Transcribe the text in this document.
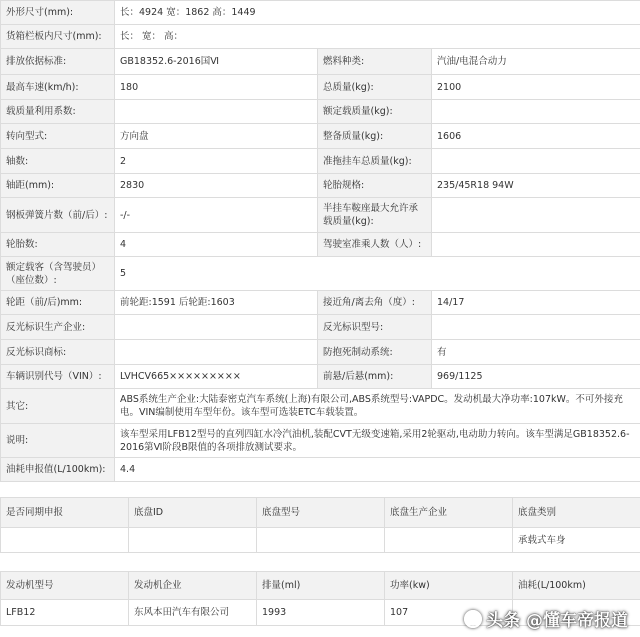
外形尺寸(mm):	长：4924 宽：1862 高：1449		
货箱栏板内尺寸(mm):	长： 宽： 高：		
排放依据标准:	GB18352.6-2016国Ⅵ	燃料种类:	汽油/电混合动力
最高车速(km/h):	180	总质量(kg):	2100
载质量利用系数:		额定载质量(kg):	
转向型式:	方向盘	整备质量(kg):	1606
轴数:	2	准拖挂车总质量(kg):	
轴距(mm):	2830	轮胎规格:	235/45R18 94W
钢板弹簧片数（前/后）:	-/-	半挂车鞍座最大允许承载质量(kg):	
轮胎数:	4	驾驶室准乘人数（人）:	
额定载客（含驾驶员）（座位数）:	5		
轮距（前/后)mm:	前轮距:1591 后轮距:1603	接近角/离去角（度）:	14/17
反光标识生产企业:		反光标识型号:	
反光标识商标:		防抱死制动系统:	有
车辆识别代号（VIN）:	LVHCV665×××××××××	前悬/后悬(mm):	969/1125
其它:	ABS系统生产企业:大陆泰密克汽车系统(上海)有限公司,ABS系统型号:VAPDC。发动机最大净功率:107kW。不可外接充电。VIN编制使用车型年份。该车型可选装ETC车载装置。		
说明:	该车型采用LFB12型号的直列四缸水冷汽油机,装配CVT无级变速箱,采用2轮驱动,电动助力转向。该车型满足GB18352.6-2016第Ⅵ阶段B限值的各项排放测试要求。		
油耗申报值(L/100km):	4.4		
是否同期申报	底盘ID	底盘型号	底盘生产企业	底盘类别
				承载式车身
发动机型号	发动机企业	排量(ml)	功率(kw)	油耗(L/100km)
LFB12	东风本田汽车有限公司	1993	107		头条 @懂车帝报道
